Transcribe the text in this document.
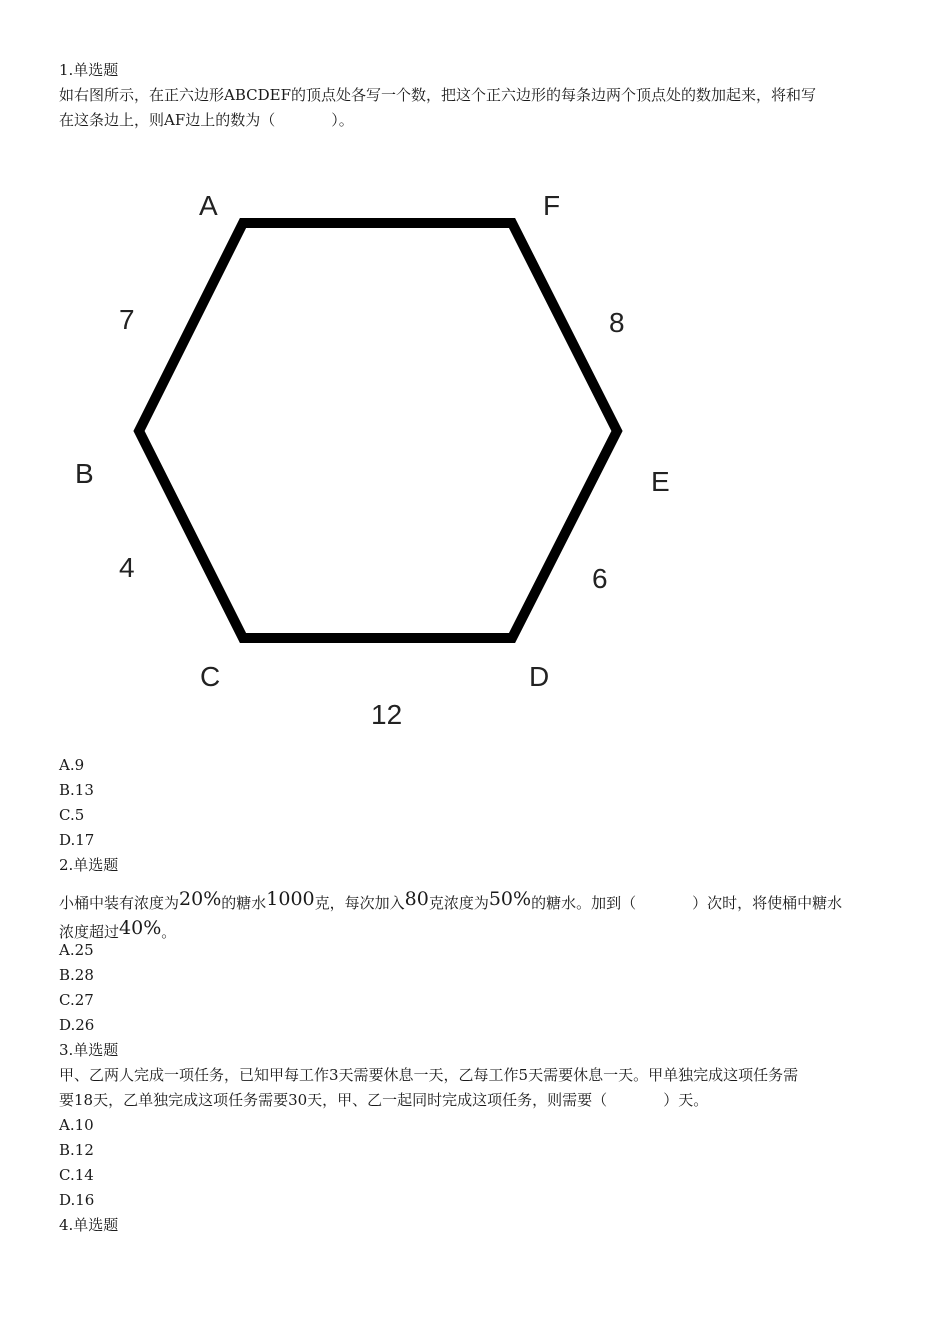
1.单选题
如右图所示，在正六边形ABCDEF的顶点处各写一个数，把这个正六边形的每条边两个顶点处的数加起来，将和写
在这条边上，则AF边上的数为（	）。
A	F
B	E
C	D
7	8
4	6
12
A.9
B.13
C.5
D.17
2.单选题
小桶中装有浓度为20%的糖水1000克，每次加入80克浓度为50%的糖水。加到（	）次时，将使桶中糖水
浓度超过40%。
A.25
B.28
C.27
D.26
3.单选题
甲、乙两人完成一项任务，已知甲每工作3天需要休息一天，乙每工作5天需要休息一天。甲单独完成这项任务需
要18天，乙单独完成这项任务需要30天，甲、乙一起同时完成这项任务，则需要（	）天。
A.10
B.12
C.14
D.16
4.单选题
